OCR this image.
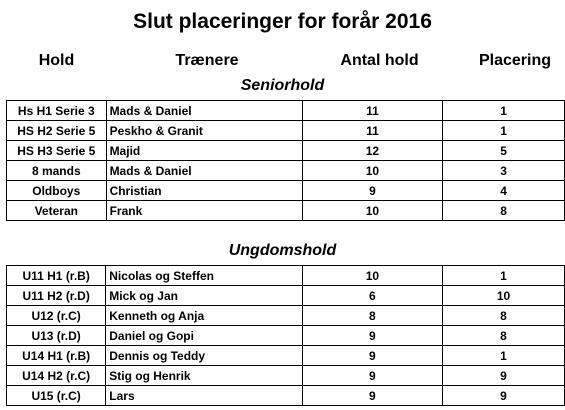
Slut placeringer for forår 2016
Hold	Trænere	Antal hold	Placering
Seniorhold
Hs H1 Serie 3	Mads & Daniel	11	1
HS H2 Serie 5	Peskho & Granit	11	1
HS H3 Serie 5	Majid	12	5
8 mands	Mads & Daniel	10	3
Oldboys	Christian	9	4
Veteran	Frank	10	8
Ungdomshold
U11 H1 (r.B)	Nicolas og Steffen	10	1
U11 H2 (r.D)	Mick og Jan	6	10
U12 (r.C)	Kenneth og Anja	8	8
U13 (r.D)	Daniel og Gopi	9	8
U14 H1 (r.B)	Dennis og Teddy	9	1
U14 H2 (r.C)	Stig og Henrik	9	9
U15 (r.C)	Lars	9	9
